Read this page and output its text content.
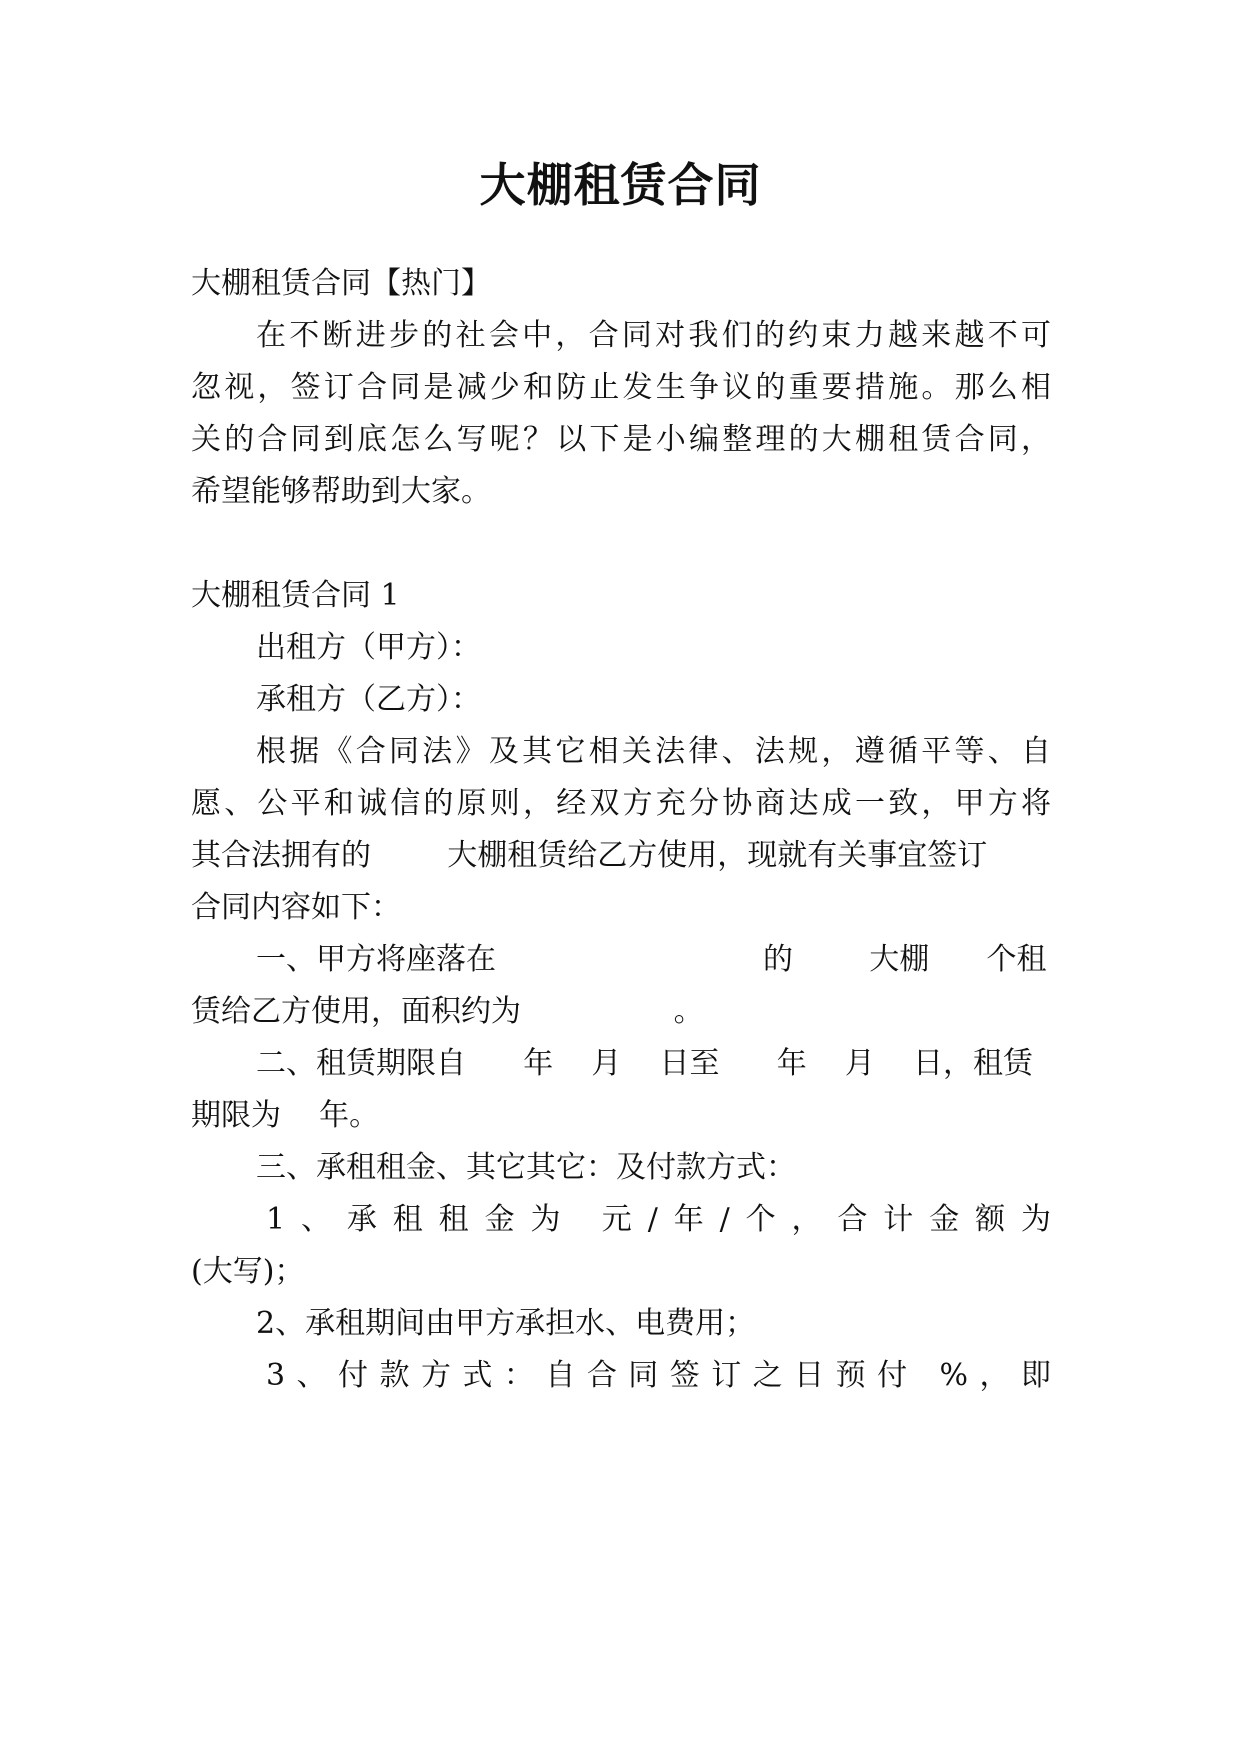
大棚租赁合同
大棚租赁合同【热门】
在不断进步的社会中，合同对我们的约束力越来越不可
忽视，签订合同是减少和防止发生争议的重要措施。那么相
关的合同到底怎么写呢？以下是小编整理的大棚租赁合同，
希望能够帮助到大家。
大棚租赁合同 1
出租方（甲方）：
承租方（乙方）：
根据《合同法》及其它相关法律、法规，遵循平等、自
愿、公平和诚信的原则，经双方充分协商达成一致，甲方将
其合法拥有的        大棚租赁给乙方使用，现就有关事宜签订
合同内容如下：
一、甲方将座落在                            的        大棚      个租
赁给乙方使用，面积约为                。
二、租赁期限自      年    月    日至      年    月    日，租赁
期限为    年。
三、承租租金、其它其它：及付款方式：
1、承租租金为 元/年/个，合计金额为
(大写)；
2、承租期间由甲方承担水、电费用；
3、付款方式：自合同签订之日预付 %，即
